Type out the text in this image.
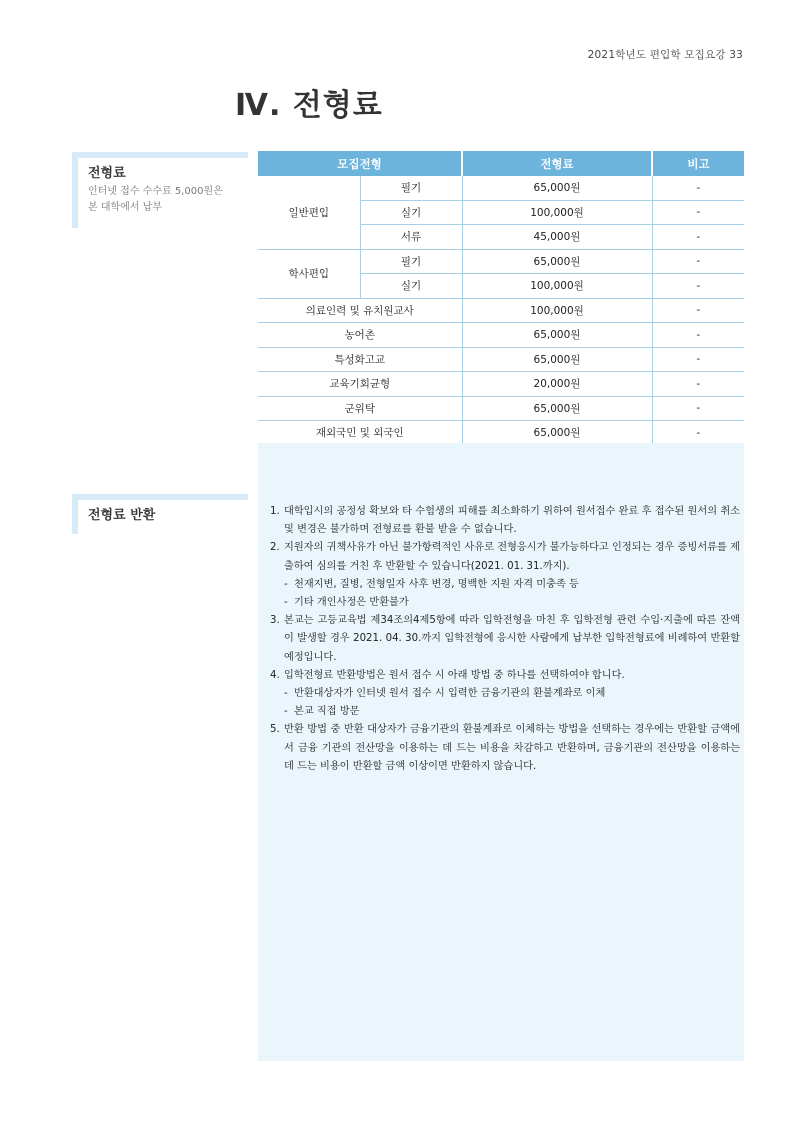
2021학년도 편입학 모집요강 33
Ⅳ. 전형료
전형료
인터넷 접수 수수료 5,000원은
본 대학에서 납부
모집전형		전형료	비고
일반편입	필기	65,000원	-
	실기	100,000원	-
	서류	45,000원	-
학사편입	필기	65,000원	-
	실기	100,000원	-
의료인력 및 유치원교사		100,000원	-
농어촌		65,000원	-
특성화고교		65,000원	-
교육기회균형		20,000원	-
군위탁		65,000원	-
재외국민 및 외국인		65,000원	-
전형료 반환	1. 대학입시의 공정성 확보와 타 수험생의 피해를 최소화하기 위하여 원서접수 완료 후 접수된 원서의 취소 및 변경은 불가하며 전형료를 환불 받을 수 없습니다.
2. 지원자의 귀책사유가 아닌 불가항력적인 사유로 전형응시가 불가능하다고 인정되는 경우 증빙서류를 제출하여 심의를 거친 후 반환할 수 있습니다(2021. 01. 31.까지).
- 천재지변, 질병, 전형일자 사후 변경, 명백한 지원 자격 미충족 등
- 기타 개인사정은 반환불가
3. 본교는 고등교육법 제34조의4제5항에 따라 입학전형을 마친 후 입학전형 관련 수입·지출에 따른 잔액이 발생할 경우 2021. 04. 30.까지 입학전형에 응시한 사람에게 납부한 입학전형료에 비례하여 반환할 예정입니다.
4. 입학전형료 반환방법은 원서 접수 시 아래 방법 중 하나를 선택하여야 합니다.
- 반환대상자가 인터넷 원서 접수 시 입력한 금융기관의 환불계좌로 이체
- 본교 직접 방문
5. 반환 방법 중 반환 대상자가 금융기관의 환불계좌로 이체하는 방법을 선택하는 경우에는 반환할 금액에서 금융 기관의 전산망을 이용하는 데 드는 비용을 차감하고 반환하며, 금융기관의 전산망을 이용하는 데 드는 비용이 반환할 금액 이상이면 반환하지 않습니다.
